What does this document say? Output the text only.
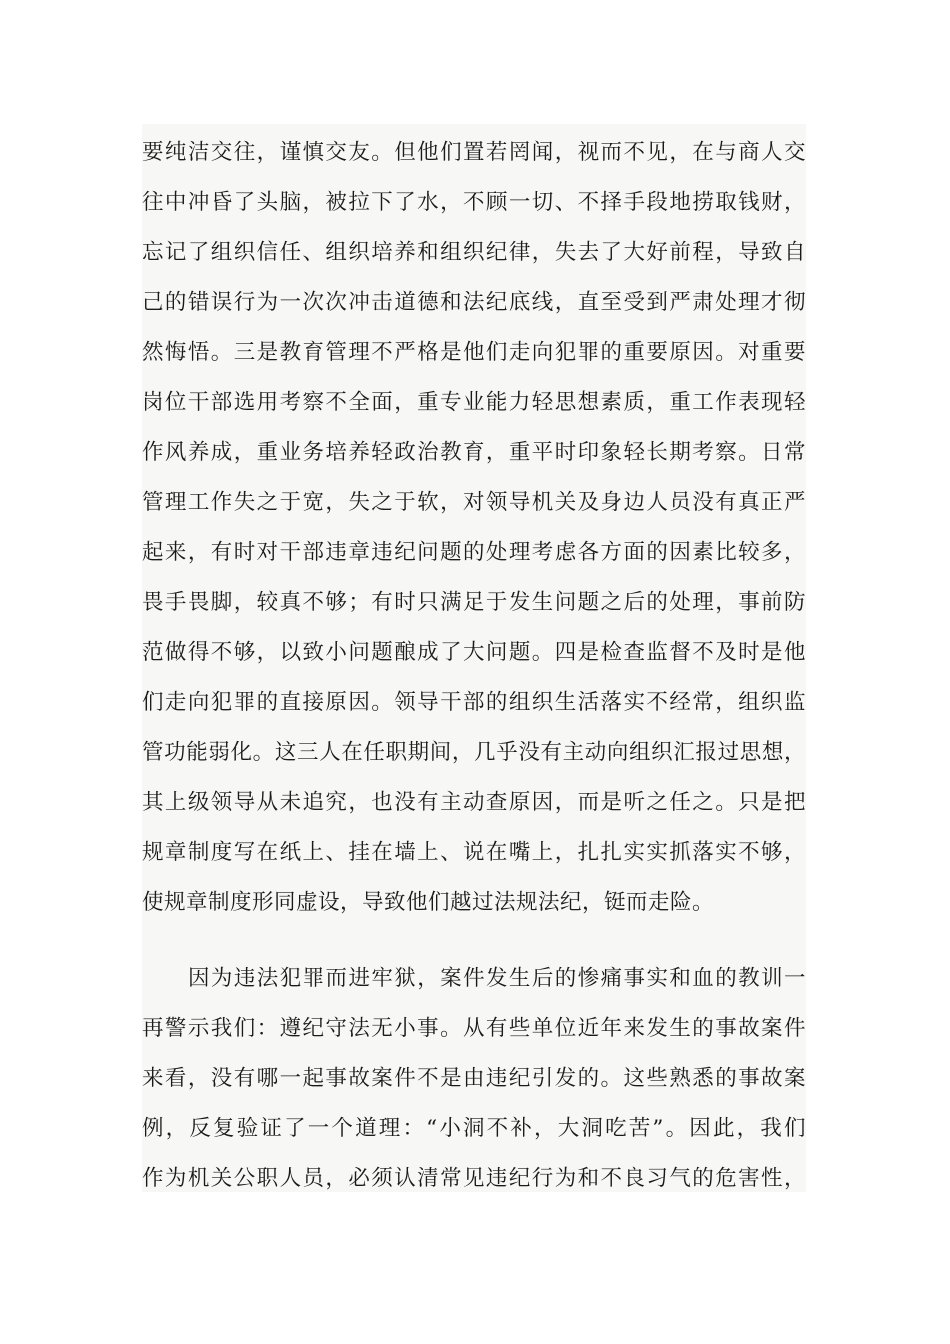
要纯洁交往，谨慎交友。但他们置若罔闻，视而不见，在与商人交
往中冲昏了头脑，被拉下了水，不顾一切、不择手段地捞取钱财，
忘记了组织信任、组织培养和组织纪律，失去了大好前程，导致自
己的错误行为一次次冲击道德和法纪底线，直至受到严肃处理才彻
然悔悟。三是教育管理不严格是他们走向犯罪的重要原因。对重要
岗位干部选用考察不全面，重专业能力轻思想素质，重工作表现轻
作风养成，重业务培养轻政治教育，重平时印象轻长期考察。日常
管理工作失之于宽，失之于软，对领导机关及身边人员没有真正严
起来，有时对干部违章违纪问题的处理考虑各方面的因素比较多，
畏手畏脚，较真不够；有时只满足于发生问题之后的处理，事前防
范做得不够，以致小问题酿成了大问题。四是检查监督不及时是他
们走向犯罪的直接原因。领导干部的组织生活落实不经常，组织监
管功能弱化。这三人在任职期间，几乎没有主动向组织汇报过思想，
其上级领导从未追究，也没有主动查原因，而是听之任之。只是把
规章制度写在纸上、挂在墙上、说在嘴上，扎扎实实抓落实不够，
使规章制度形同虚设，导致他们越过法规法纪，铤而走险。

因为违法犯罪而进牢狱，案件发生后的惨痛事实和血的教训一
再警示我们：遵纪守法无小事。从有些单位近年来发生的事故案件
来看，没有哪一起事故案件不是由违纪引发的。这些熟悉的事故案
例，反复验证了一个道理：“小洞不补，大洞吃苦”。因此，我们
作为机关公职人员，必须认清常见违纪行为和不良习气的危害性，
